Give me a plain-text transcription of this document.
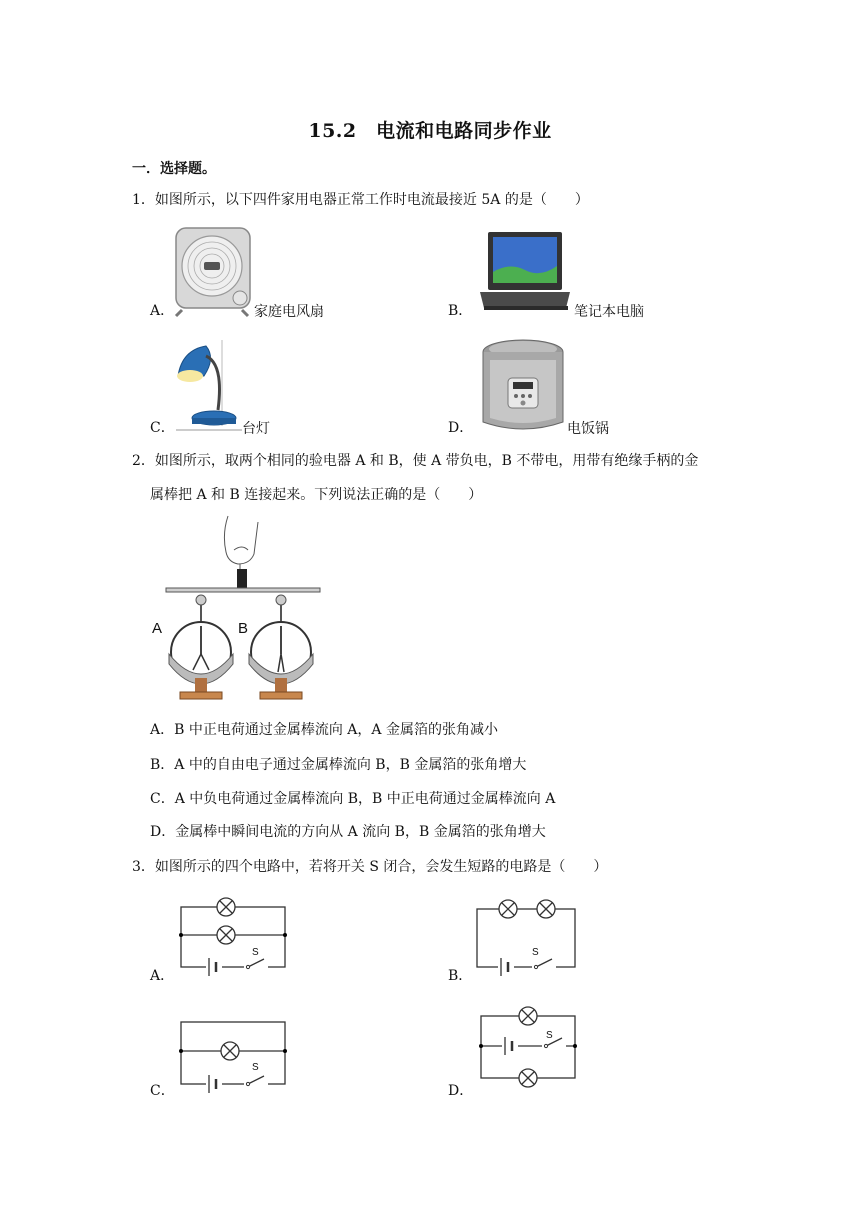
15.2　电流和电路同步作业
一．选择题。
1．如图所示，以下四件家用电器正常工作时电流最接近 5A 的是（　　）
A．	家庭电风扇	B．	笔记本电脑
C．	台灯	D．	电饭锅
2．如图所示，取两个相同的验电器 A 和 B，使 A 带负电，B 不带电，用带有绝缘手柄的金
属棒把 A 和 B 连接起来。下列说法正确的是（　　）
A	B
A．B 中正电荷通过金属棒流向 A，A 金属箔的张角减小
B．A 中的自由电子通过金属棒流向 B，B 金属箔的张角增大
C．A 中负电荷通过金属棒流向 B，B 中正电荷通过金属棒流向 A
D．金属棒中瞬间电流的方向从 A 流向 B，B 金属箔的张角增大
3．如图所示的四个电路中，若将开关 S 闭合，会发生短路的电路是（　　）
A．
S
B．
S
C．
S
D．
S
